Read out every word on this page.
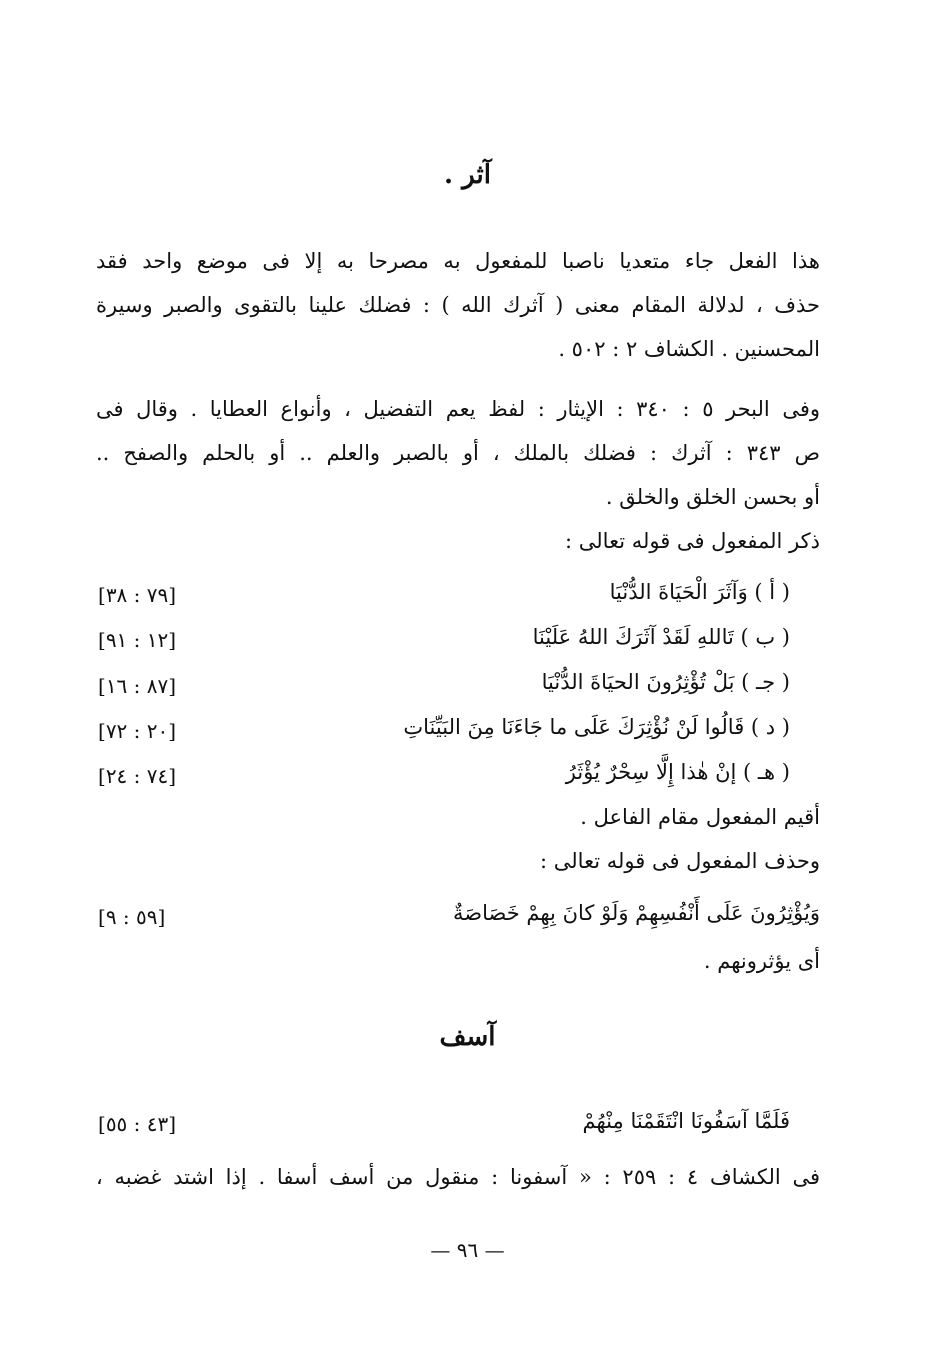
آثر .
هذا الفعل جاء متعديا ناصبا للمفعول به مصرحا به إلا فى موضع واحد فقد
حذف ، لدلالة المقام معنى ( آثرك الله ) : فضلك علينا بالتقوى والصبر وسيرة
المحسنين . الكشاف ٢ : ٥٠٢ .
وفى البحر ٥ : ٣٤٠ : الإيثار : لفظ يعم التفضيل ، وأنواع العطايا . وقال فى
ص ٣٤٣ : آثرك : فضلك بالملك ، أو بالصبر والعلم .. أو بالحلم والصفح ..
أو بحسن الخلق والخلق .
ذكر المفعول فى قوله تعالى :
( أ ) وَآثَرَ الْحَيَاةَ الدُّنْيَا
[٧٩ : ٣٨]
( ب ) تَاللهِ لَقَدْ آثَرَكَ اللهُ عَلَيْنَا
[١٢ : ٩١]
( جـ ) بَلْ تُؤْثِرُونَ الحيَاةَ الدُّنْيَا
[٨٧ : ١٦]
( د ) قَالُوا لَنْ نُؤْثِرَكَ عَلَى ما جَاءَنَا مِنَ البَيِّنَاتِ
[٢٠ : ٧٢]
( هـ ) إنْ هٰذا إِلَّا سِحْرٌ يُؤْثَرُ
[٧٤ : ٢٤]
أقيم المفعول مقام الفاعل .
وحذف المفعول فى قوله تعالى :
وَيُؤْثِرُونَ عَلَى أَنْفُسِهِمْ وَلَوْ كانَ بِهِمْ خَصَاصَةٌ
[٥٩ : ٩]
أى يؤثرونهم .
آسف
فَلَمَّا آسَفُونَا انْتَقَمْنَا مِنْهُمْ
[٤٣ : ٥٥]
فى الكشاف ٤ : ٢٥٩ : « آسفونا : منقول من أسف أسفا . إذا اشتد غضبه ،
— ٩٦ —
